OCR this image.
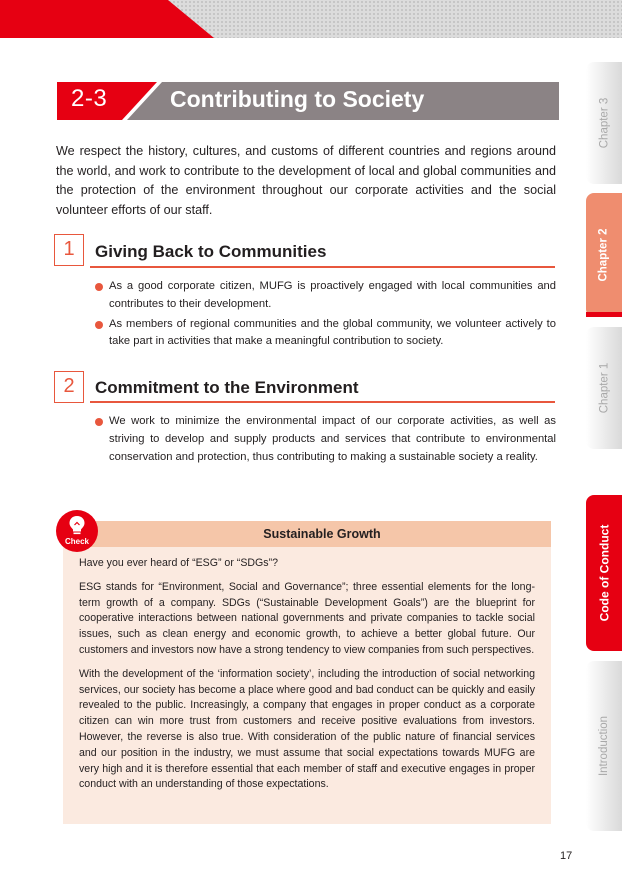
2-3	Contributing to Society

We respect the history, cultures, and customs of different countries and regions around the world, and work to contribute to the development of local and global communities and the protection of the environment throughout our corporate activities and the social volunteer efforts of our staff.

1	Giving Back to Communities
As a good corporate citizen, MUFG is proactively engaged with local communities and contributes to their development.
As members of regional communities and the global community, we volunteer actively to take part in activities that make a meaningful contribution to society.
2	Commitment to the Environment
We work to minimize the environmental impact of our corporate activities, as well as striving to develop and supply products and services that contribute to environmental conservation and protection, thus contributing to making a sustainable society a reality.
Sustainable Growth
Check

Have you ever heard of “ESG” or “SDGs”?

ESG stands for “Environment, Social and Governance”; three essential elements for the long-term growth of a company. SDGs (“Sustainable Development Goals”) are the blueprint for cooperative interactions between national governments and private companies to tackle social issues, such as clean energy and economic growth, to achieve a better global future. Our customers and investors now have a strong tendency to view companies from such perspectives.

With the development of the ‘information society’, including the introduction of social networking services, our society has become a place where good and bad conduct can be quickly and easily revealed to the public. Increasingly, a company that engages in proper conduct as a corporate citizen can win more trust from customers and receive positive evaluations from investors. However, the reverse is also true. With consideration of the public nature of financial services and our position in the industry, we must assume that social expectations towards MUFG are very high and it is therefore essential that each member of staff and executive engages in proper conduct with an understanding of those expectations.

Chapter 3
Chapter 2
Chapter 1
Code of Conduct
Introduction
17
